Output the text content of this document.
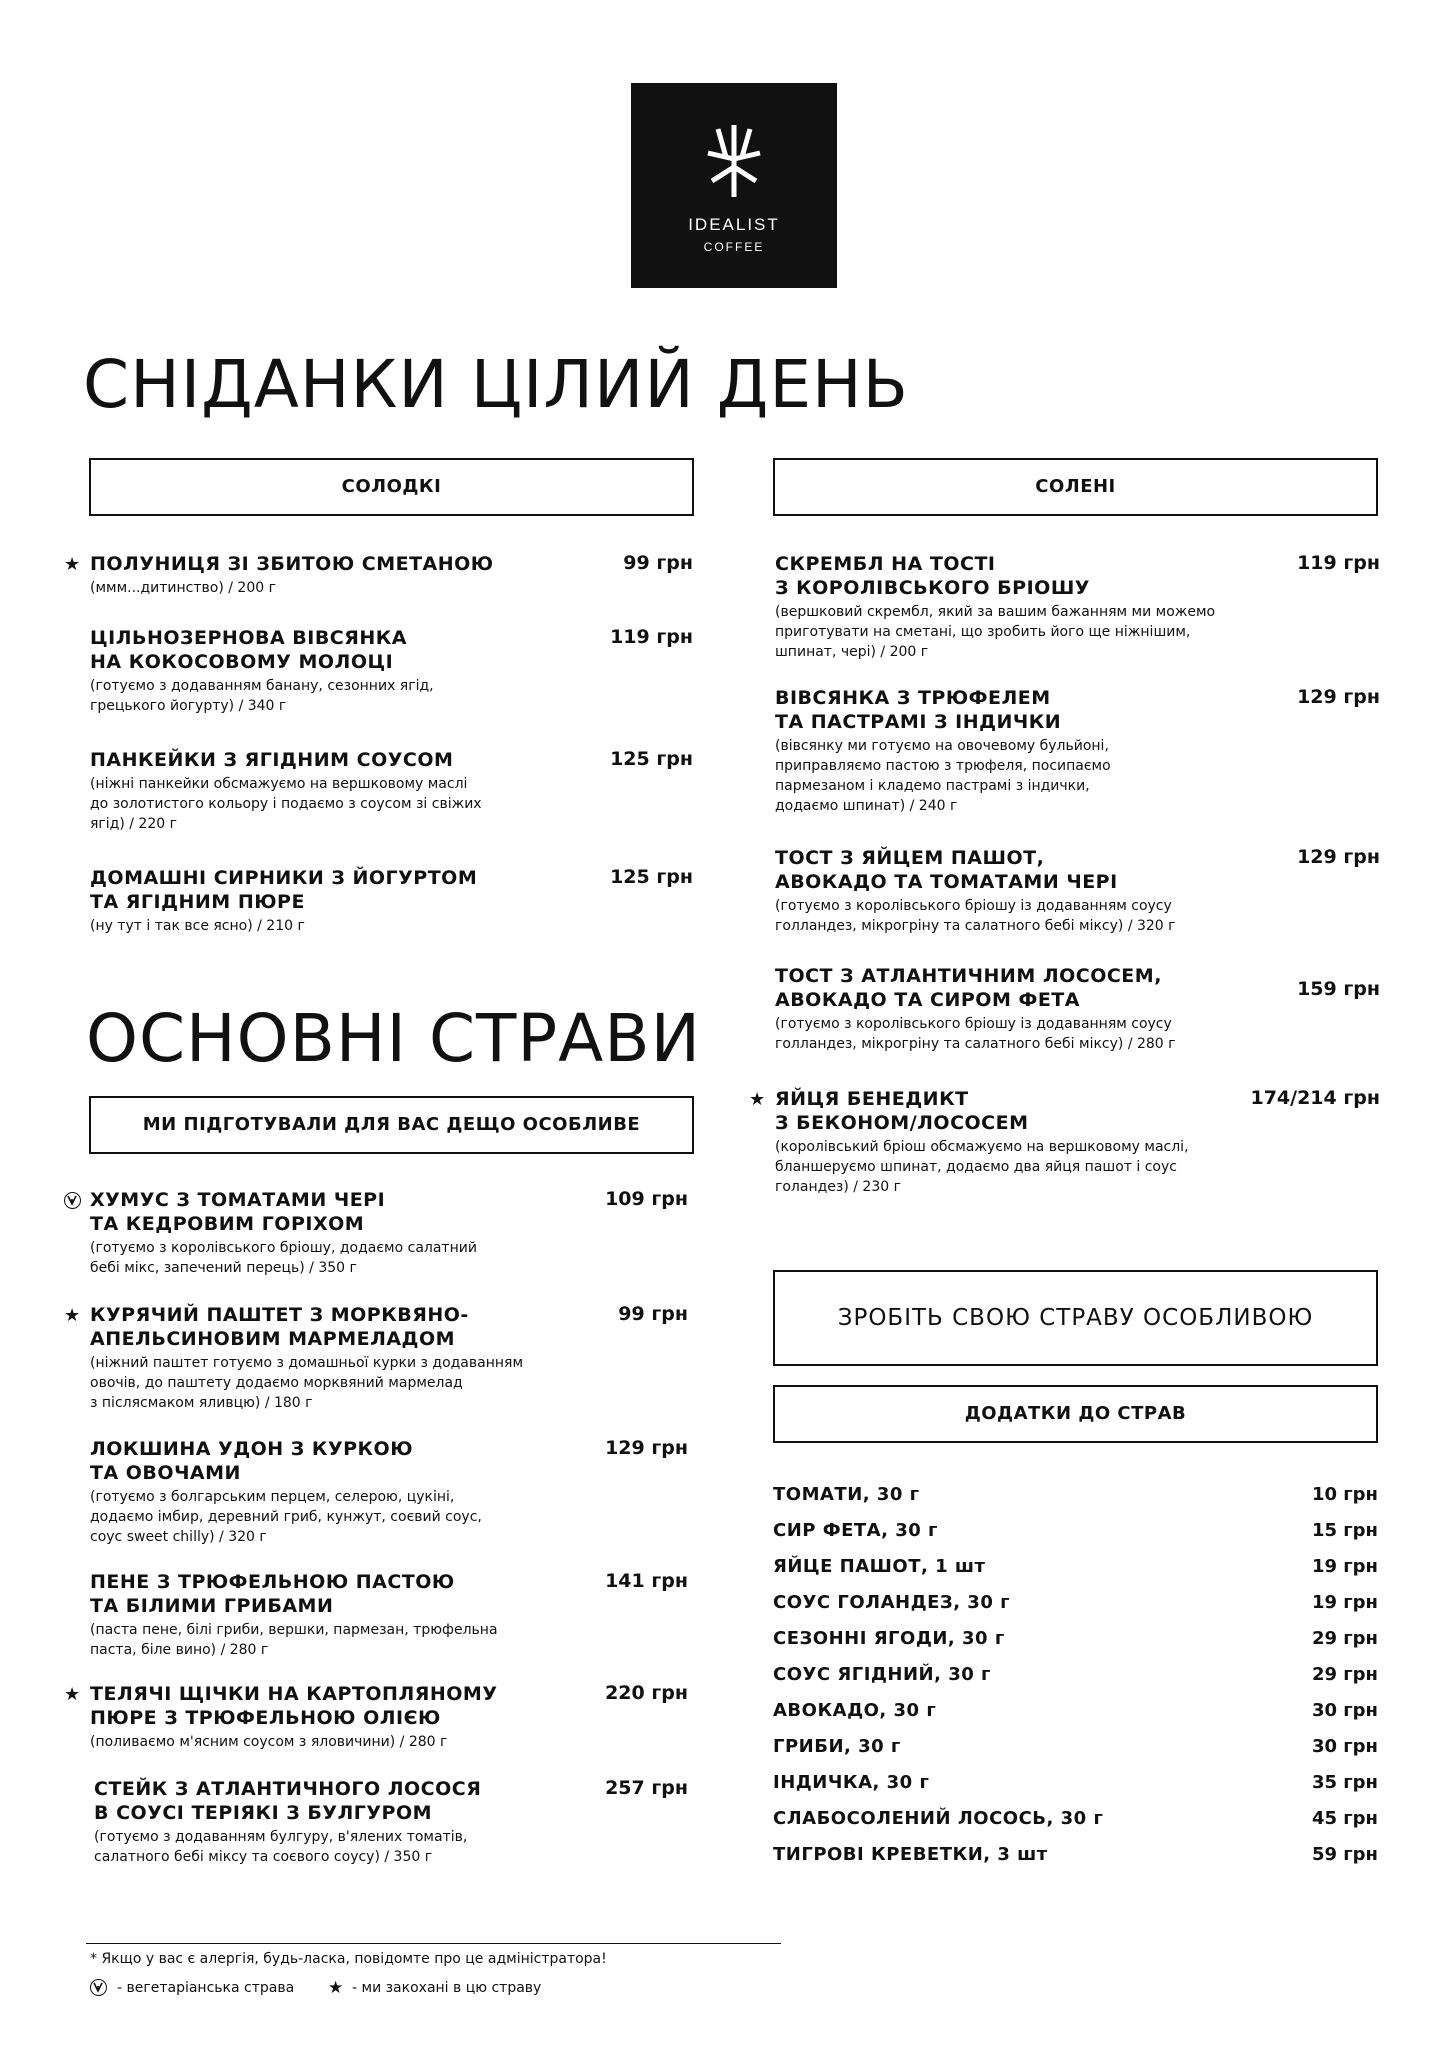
IDEALIST
COFFEE
СНІДАНКИ ЦІЛИЙ ДЕНЬ
СОЛОДКІ	СОЛЕНІ
★ ПОЛУНИЦЯ ЗІ ЗБИТОЮ СМЕТАНОЮ
(ммм...дитинство) / 200 г
99 грн
ЦІЛЬНОЗЕРНОВА ВІВСЯНКА
НА КОКОСОВОМУ МОЛОЦІ
(готуємо з додаванням банану, сезонних ягід,
грецького йогурту) / 340 г
119 грн
ПАНКЕЙКИ З ЯГІДНИМ СОУСОМ
(ніжні панкейки обсмажуємо на вершковому маслі
до золотистого кольору і подаємо з соусом зі свіжих
ягід) / 220 г
125 грн
ДОМАШНІ СИРНИКИ З ЙОГУРТОМ
ТА ЯГІДНИМ ПЮРЕ
(ну тут і так все ясно) / 210 г
125 грн
СКРЕМБЛ НА ТОСТІ
З КОРОЛІВСЬКОГО БРІОШУ
(вершковий скрембл, який за вашим бажанням ми можемо
приготувати на сметані, що зробить його ще ніжнішим,
шпинат, чері) / 200 г
119 грн
ВІВСЯНКА З ТРЮФЕЛЕМ
ТА ПАСТРАМІ З ІНДИЧКИ
(вівсянку ми готуємо на овочевому бульйоні,
приправляємо пастою з трюфеля, посипаємо
пармезаном і кладемо пастрамі з індички,
додаємо шпинат) / 240 г
129 грн
ТОСТ З ЯЙЦЕМ ПАШОТ,
АВОКАДО ТА ТОМАТАМИ ЧЕРІ
(готуємо з королівського бріошу із додаванням соусу
голландез, мікрогріну та салатного бебі міксу) / 320 г
129 грн
ТОСТ З АТЛАНТИЧНИМ ЛОСОСЕМ,
АВОКАДО ТА СИРОМ ФЕТА
(готуємо з королівського бріошу із додаванням соусу
голландез, мікрогріну та салатного бебі міксу) / 280 г
159 грн
★ ЯЙЦЯ БЕНЕДИКТ
З БЕКОНОМ/ЛОСОСЕМ
(королівський бріош обсмажуємо на вершковому маслі,
бланшеруємо шпинат, додаємо два яйця пашот і соус
голандез) / 230 г
174/214 грн
ОСНОВНІ СТРАВИ
МИ ПІДГОТУВАЛИ ДЛЯ ВАС ДЕЩО ОСОБЛИВЕ
ХУМУС З ТОМАТАМИ ЧЕРІ
ТА КЕДРОВИМ ГОРІХОМ
(готуємо з королівського бріошу, додаємо салатний
бебі мікс, запечений перець) / 350 г
109 грн
★ КУРЯЧИЙ ПАШТЕТ З МОРКВЯНО-
АПЕЛЬСИНОВИМ МАРМЕЛАДОМ
(ніжний паштет готуємо з домашньої курки з додаванням
овочів, до паштету додаємо морквяний мармелад
з післясмаком яливцю) / 180 г
99 грн
ЛОКШИНА УДОН З КУРКОЮ
ТА ОВОЧАМИ
(готуємо з болгарським перцем, селерою, цукіні,
додаємо імбир, деревний гриб, кунжут, соєвий соус,
соус sweet chilly) / 320 г
129 грн
ПЕНЕ З ТРЮФЕЛЬНОЮ ПАСТОЮ
ТА БІЛИМИ ГРИБАМИ
(паста пене, білі гриби, вершки, пармезан, трюфельна
паста, біле вино) / 280 г
141 грн
★ ТЕЛЯЧІ ЩІЧКИ НА КАРТОПЛЯНОМУ
ПЮРЕ З ТРЮФЕЛЬНОЮ ОЛІЄЮ
(поливаємо м'ясним соусом з яловичини) / 280 г
220 грн
СТЕЙК З АТЛАНТИЧНОГО ЛОСОСЯ
В СОУСІ ТЕРІЯКІ З БУЛГУРОМ
(готуємо з додаванням булгуру, в'ялених томатів,
салатного бебі міксу та соєвого соусу) / 350 г
257 грн
ЗРОБІТЬ СВОЮ СТРАВУ ОСОБЛИВОЮ
ДОДАТКИ ДО СТРАВ
ТОМАТИ, 30 г	10 грн
СИР ФЕТА, 30 г	15 грн
ЯЙЦЕ ПАШОТ, 1 шт	19 грн
СОУС ГОЛАНДЕЗ, 30 г	19 грн
СЕЗОННІ ЯГОДИ, 30 г	29 грн
СОУС ЯГІДНИЙ, 30 г	29 грн
АВОКАДО, 30 г	30 грн
ГРИБИ, 30 г	30 грн
ІНДИЧКА, 30 г	35 грн
СЛАБОСОЛЕНИЙ ЛОСОСЬ, 30 г	45 грн
ТИГРОВІ КРЕВЕТКИ, 3 шт	59 грн
* Якщо у вас є алергія, будь-ласка, повідомте про це адміністратора!
- вегетаріанська страва ★ - ми закохані в цю страву
